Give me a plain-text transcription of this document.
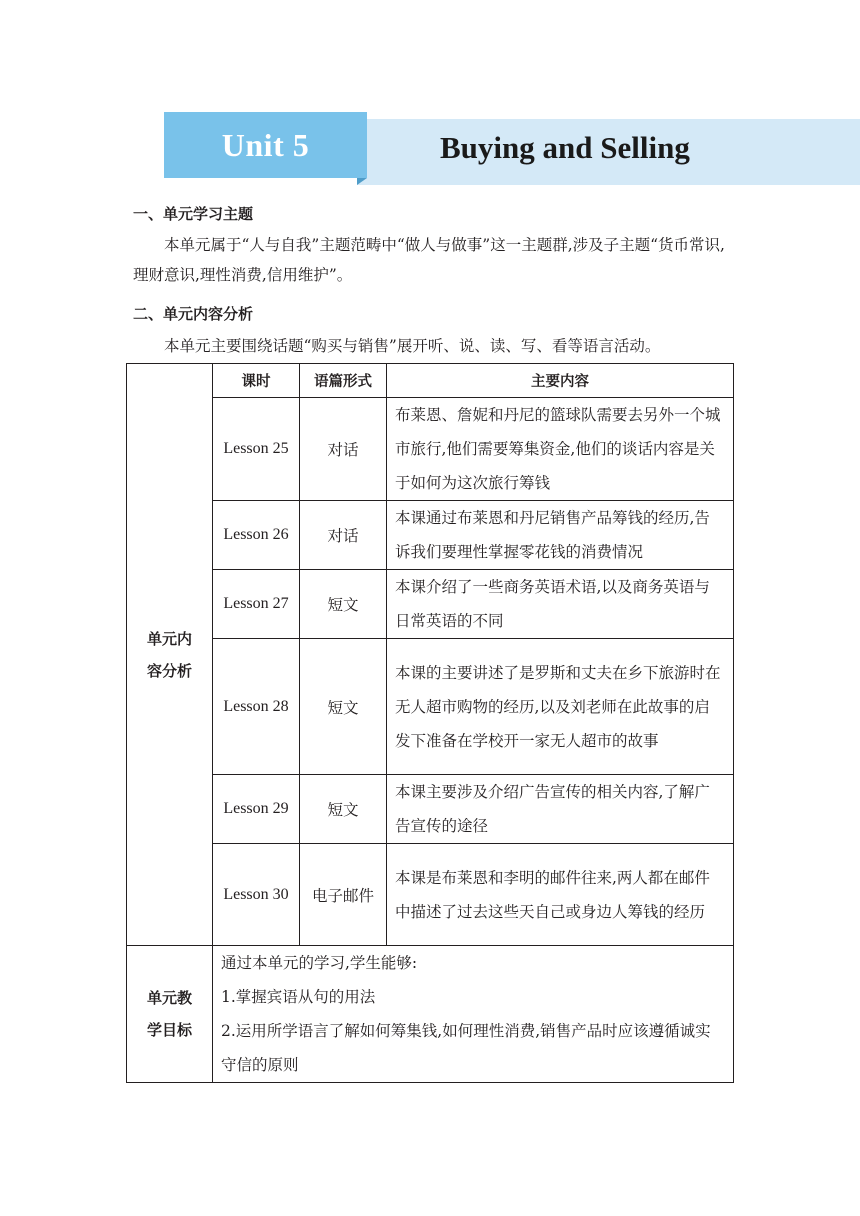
Unit 5	Buying and Selling
一、单元学习主题
本单元属于“人与自我”主题范畴中“做人与做事”这一主题群,涉及子主题“货币常识,理财意识,理性消费,信用维护”。
二、单元内容分析
本单元主要围绕话题“购买与销售”展开听、说、读、写、看等语言活动。
单元内容分析	课时	语篇形式	主要内容
	Lesson 25	对话	布莱恩、詹妮和丹尼的篮球队需要去另外一个城市旅行,他们需要筹集资金,他们的谈话内容是关于如何为这次旅行筹钱
	Lesson 26	对话	本课通过布莱恩和丹尼销售产品筹钱的经历,告诉我们要理性掌握零花钱的消费情况
	Lesson 27	短文	本课介绍了一些商务英语术语,以及商务英语与日常英语的不同
	Lesson 28	短文	本课的主要讲述了是罗斯和丈夫在乡下旅游时在无人超市购物的经历,以及刘老师在此故事的启发下准备在学校开一家无人超市的故事
	Lesson 29	短文	本课主要涉及介绍广告宣传的相关内容,了解广告宣传的途径
	Lesson 30	电子邮件	本课是布莱恩和李明的邮件往来,两人都在邮件中描述了过去这些天自己或身边人筹钱的经历

单元教学目标	通过本单元的学习,学生能够:
1.掌握宾语从句的用法
2.运用所学语言了解如何筹集钱,如何理性消费,销售产品时应该遵循诚实守信的原则		
